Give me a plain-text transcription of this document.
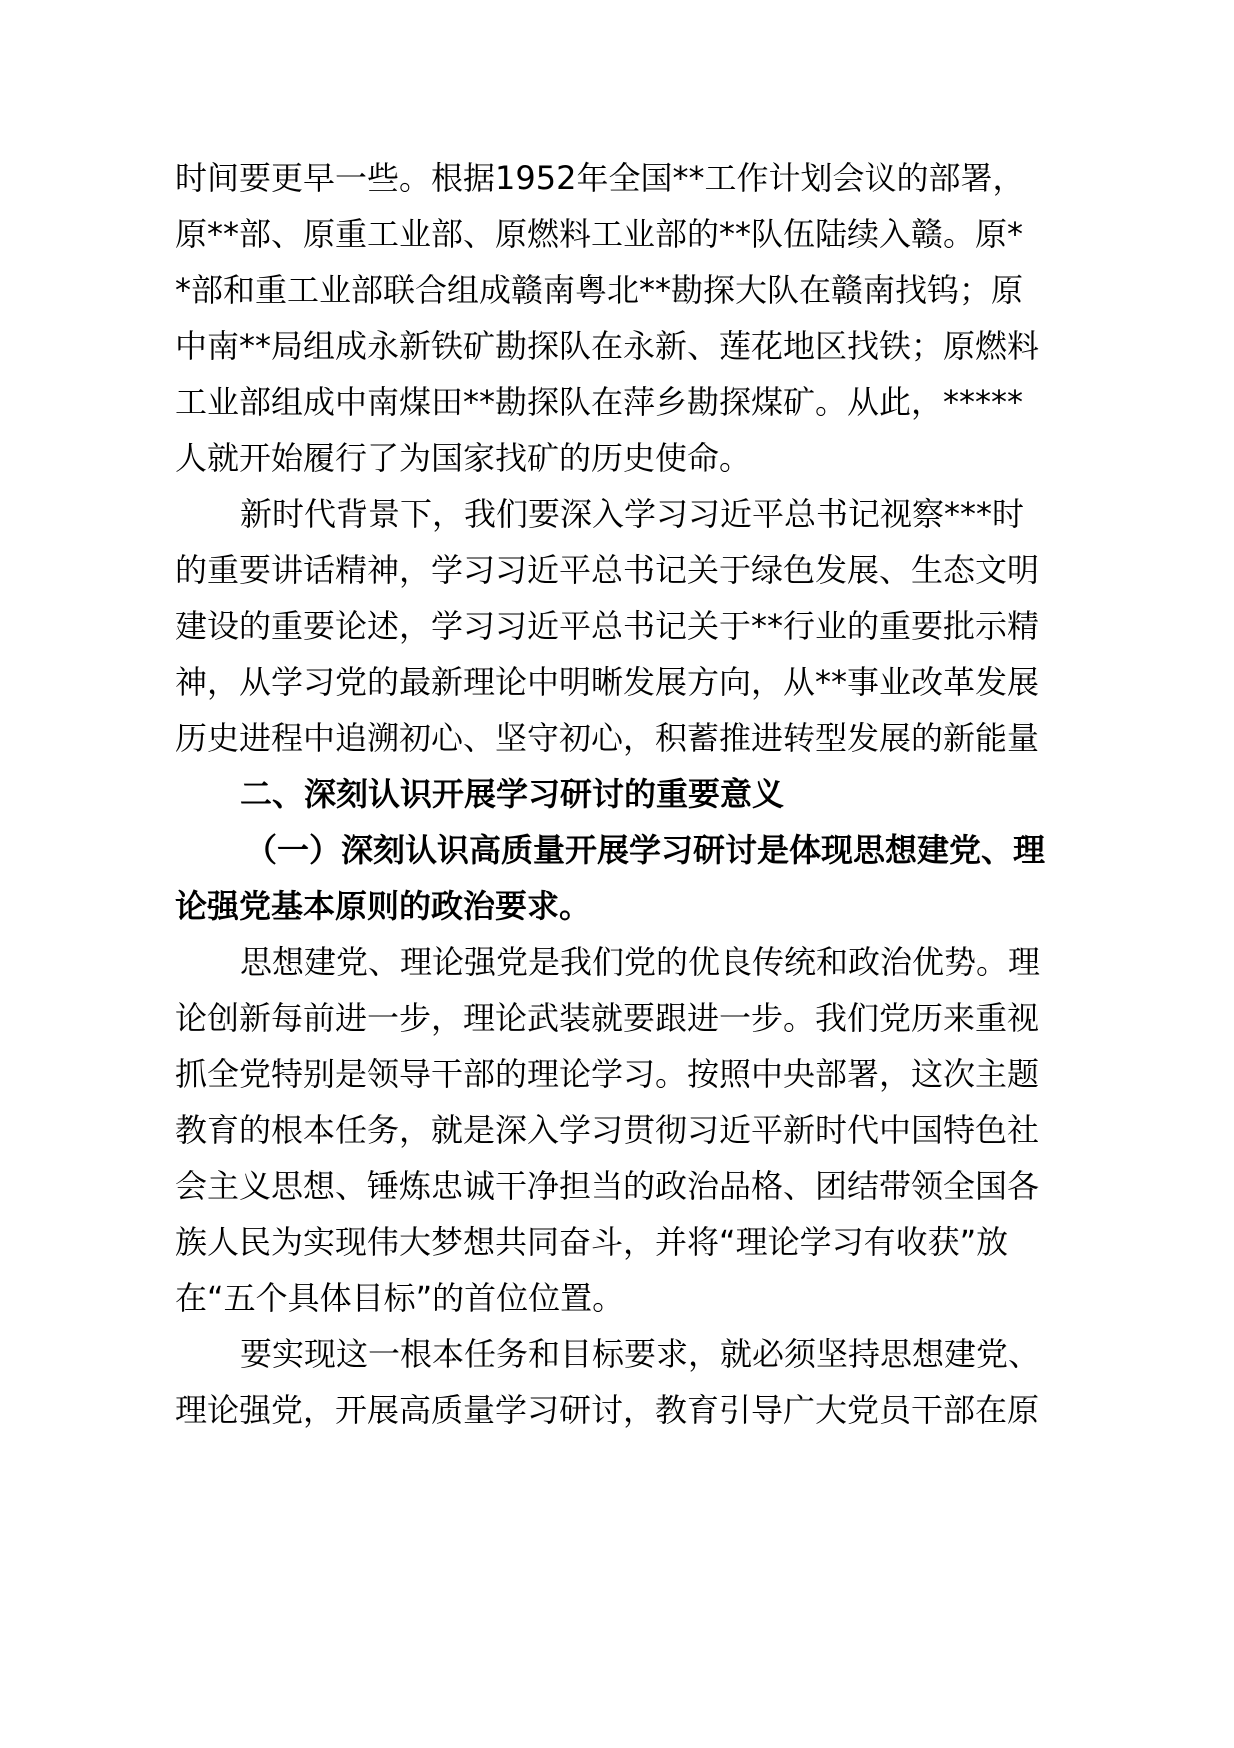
时间要更早一些。根据1952年全国**工作计划会议的部署，
原**部、原重工业部、原燃料工业部的**队伍陆续入赣。原*
*部和重工业部联合组成赣南粤北**勘探大队在赣南找钨；原
中南**局组成永新铁矿勘探队在永新、莲花地区找铁；原燃料
工业部组成中南煤田**勘探队在萍乡勘探煤矿。从此，*****
人就开始履行了为国家找矿的历史使命。
新时代背景下，我们要深入学习习近平总书记视察***时
的重要讲话精神，学习习近平总书记关于绿色发展、生态文明
建设的重要论述，学习习近平总书记关于**行业的重要批示精
神，从学习党的最新理论中明晰发展方向，从**事业改革发展
历史进程中追溯初心、坚守初心，积蓄推进转型发展的新能量
二、深刻认识开展学习研讨的重要意义
（一）深刻认识高质量开展学习研讨是体现思想建党、理
论强党基本原则的政治要求。
思想建党、理论强党是我们党的优良传统和政治优势。理
论创新每前进一步，理论武装就要跟进一步。我们党历来重视
抓全党特别是领导干部的理论学习。按照中央部署，这次主题
教育的根本任务，就是深入学习贯彻习近平新时代中国特色社
会主义思想、锤炼忠诚干净担当的政治品格、团结带领全国各
族人民为实现伟大梦想共同奋斗，并将“理论学习有收获”放
在“五个具体目标”的首位位置。
要实现这一根本任务和目标要求，就必须坚持思想建党、
理论强党，开展高质量学习研讨，教育引导广大党员干部在原
